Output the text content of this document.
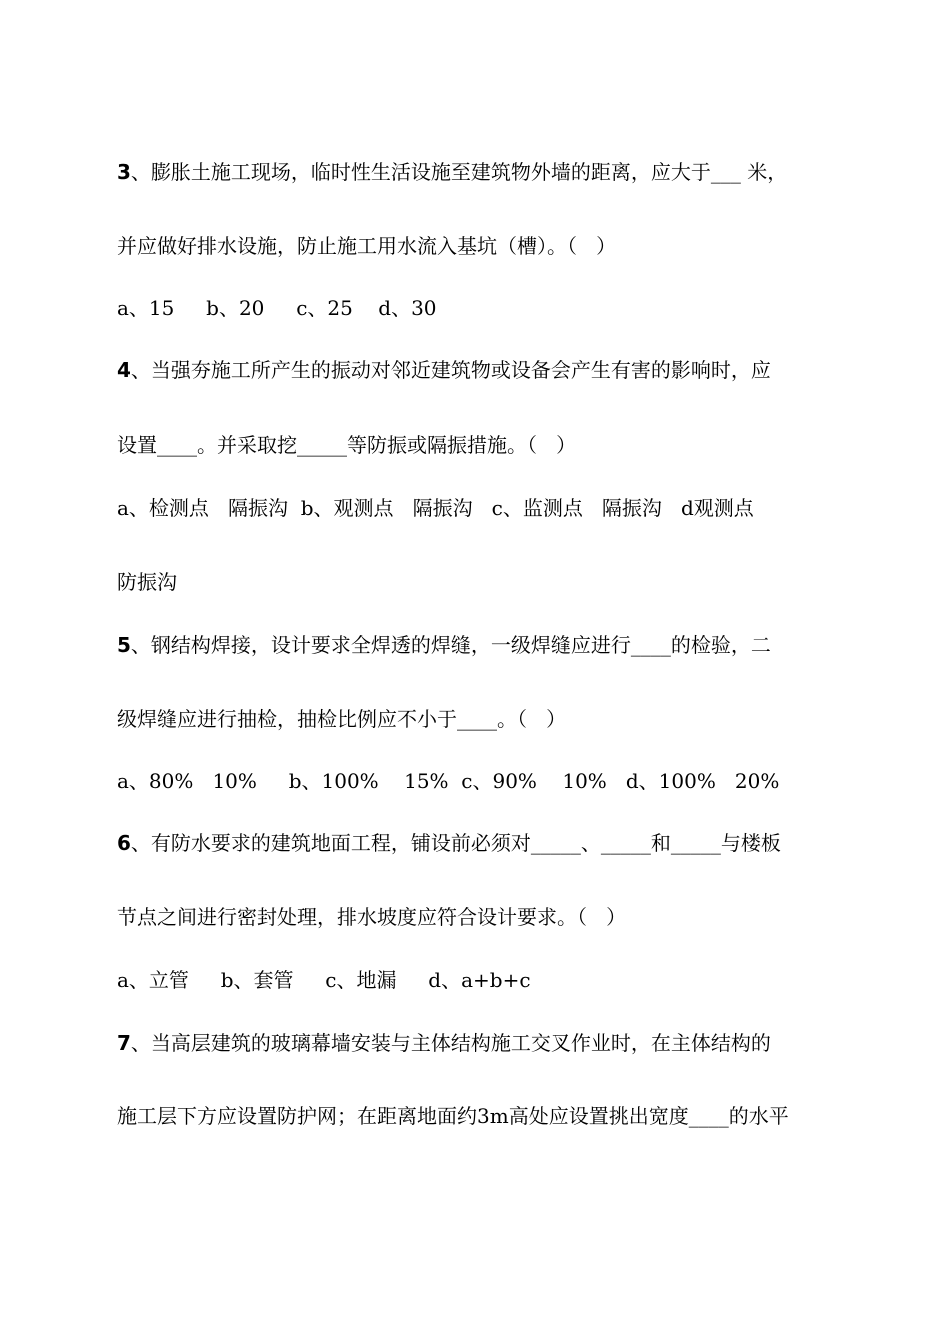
3、膨胀土施工现场，临时性生活设施至建筑物外墙的距离，应大于___ 米，
并应做好排水设施，防止施工用水流入基坑（槽）。（   ）
a、15     b、20     c、25    d、30
4、当强夯施工所产生的振动对邻近建筑物或设备会产生有害的影响时，应
设置____。并采取挖_____等防振或隔振措施。（   ）
a、检测点   隔振沟  b、观测点   隔振沟   c、监测点   隔振沟   d观测点
防振沟
5、钢结构焊接，设计要求全焊透的焊缝，一级焊缝应进行____的检验，二
级焊缝应进行抽检，抽检比例应不小于____。（   ）
a、80%   10%     b、100%    15%  c、90%    10%   d、100%   20%
6、有防水要求的建筑地面工程，铺设前必须对_____、_____和_____与楼板
节点之间进行密封处理，排水坡度应符合设计要求。（   ）
a、立管     b、套管     c、地漏     d、a+b+c
7、当高层建筑的玻璃幕墙安装与主体结构施工交叉作业时，在主体结构的
施工层下方应设置防护网；在距离地面约3m高处应设置挑出宽度____的水平
